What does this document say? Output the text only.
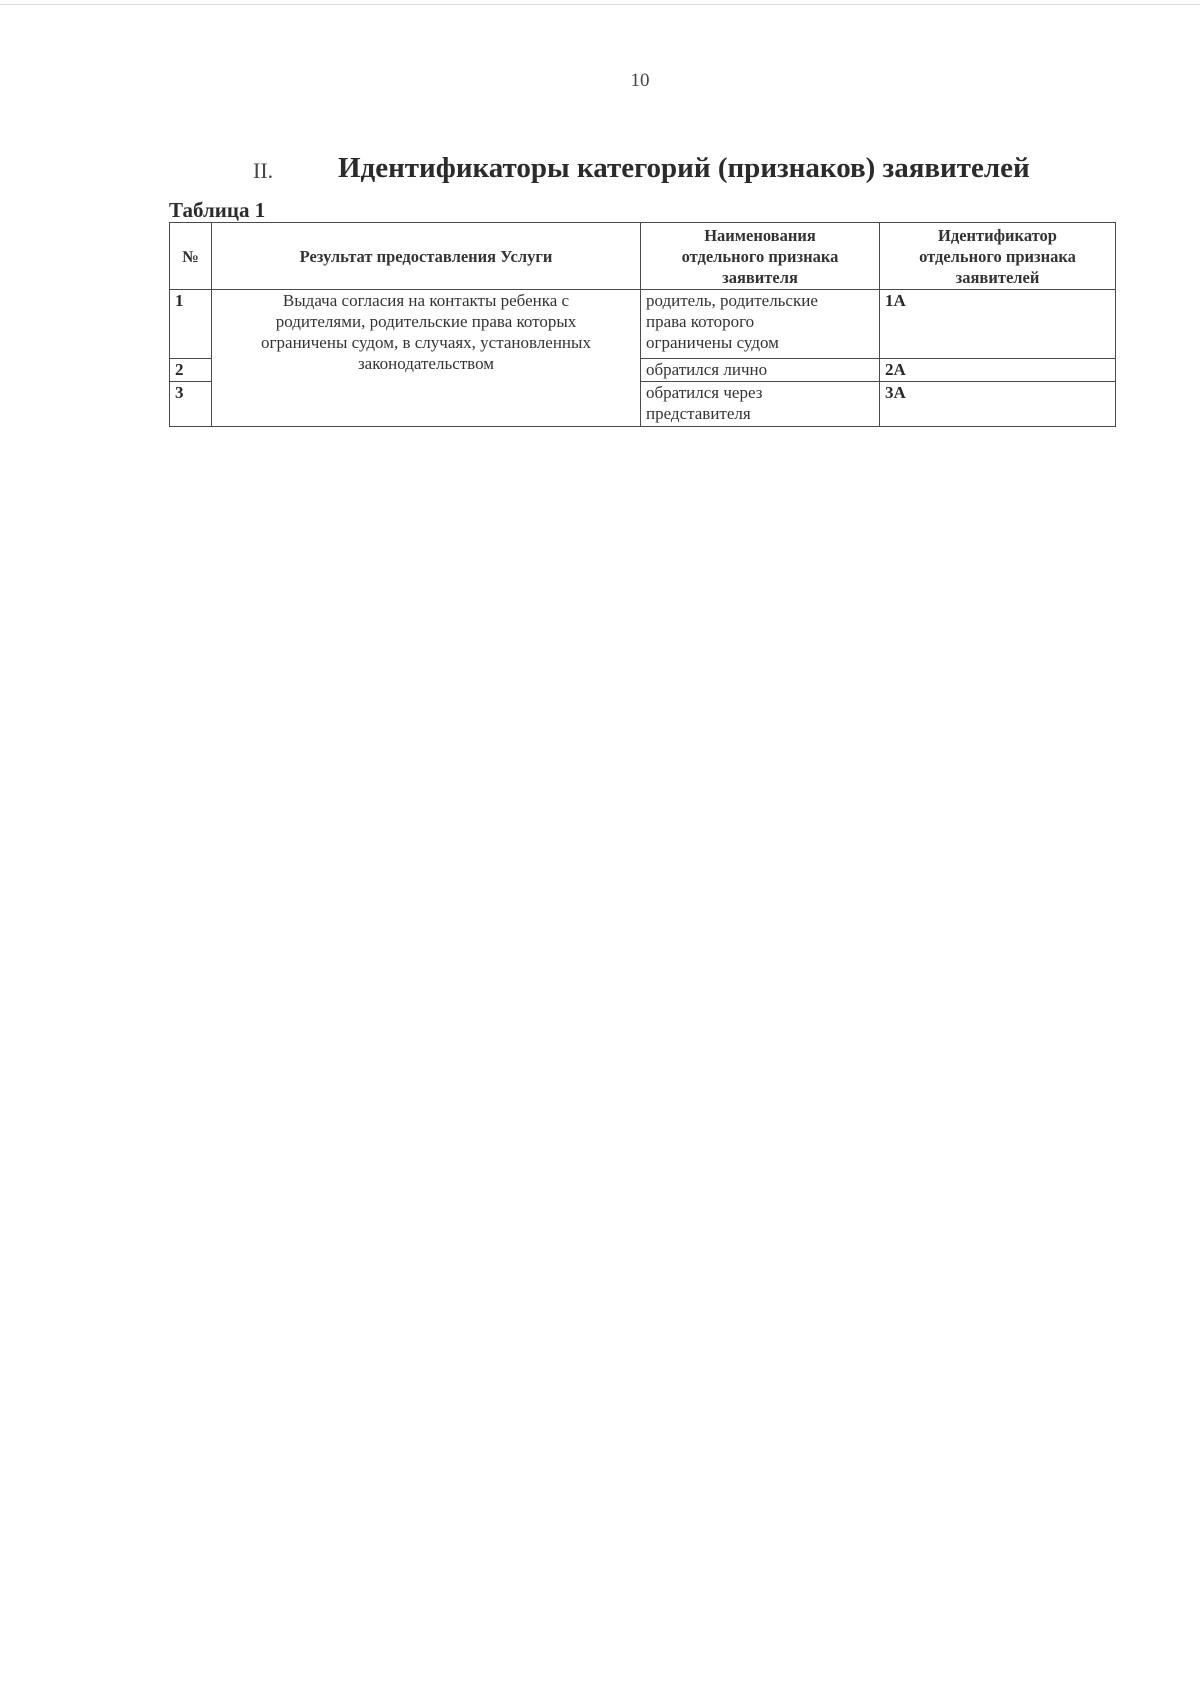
10
II. Идентификаторы категорий (признаков) заявителей
Таблица 1
№	Результат предоставления Услуги	Наименования
отдельного признака
заявителя	Идентификатор
отдельного признака
заявителей
1	Выдача согласия на контакты ребенка с
родителями, родительские права которых
ограничены судом, в случаях, установленных
законодательством	родитель, родительские
права которого
ограничены судом	1А
2		обратился лично	2А
3		обратился через
представителя	3А
